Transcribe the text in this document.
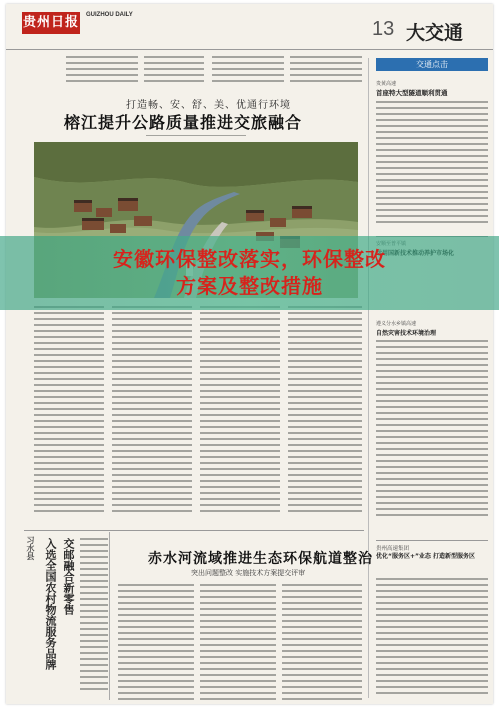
贵州日报 GUIZHOU DAILY
13 大交通
交通点击
打造畅、安、舒、美、优通行环境
榕江提升公路质量推进交旅融合
贵黄高速
首座特大型隧道顺利贯通
遵义分水乡镇高速
自然灾害技术环境治理
贵州高速集团
优化“服务区+”业态 打造新型服务区
习水县 入选全国农村物流服务品牌 交邮融合新零售	赤水河流域推进生态环保航道整治
突出问题整改 实施技术方案提交评审
安徽环保整改落实，环保整改
方案及整改措施
